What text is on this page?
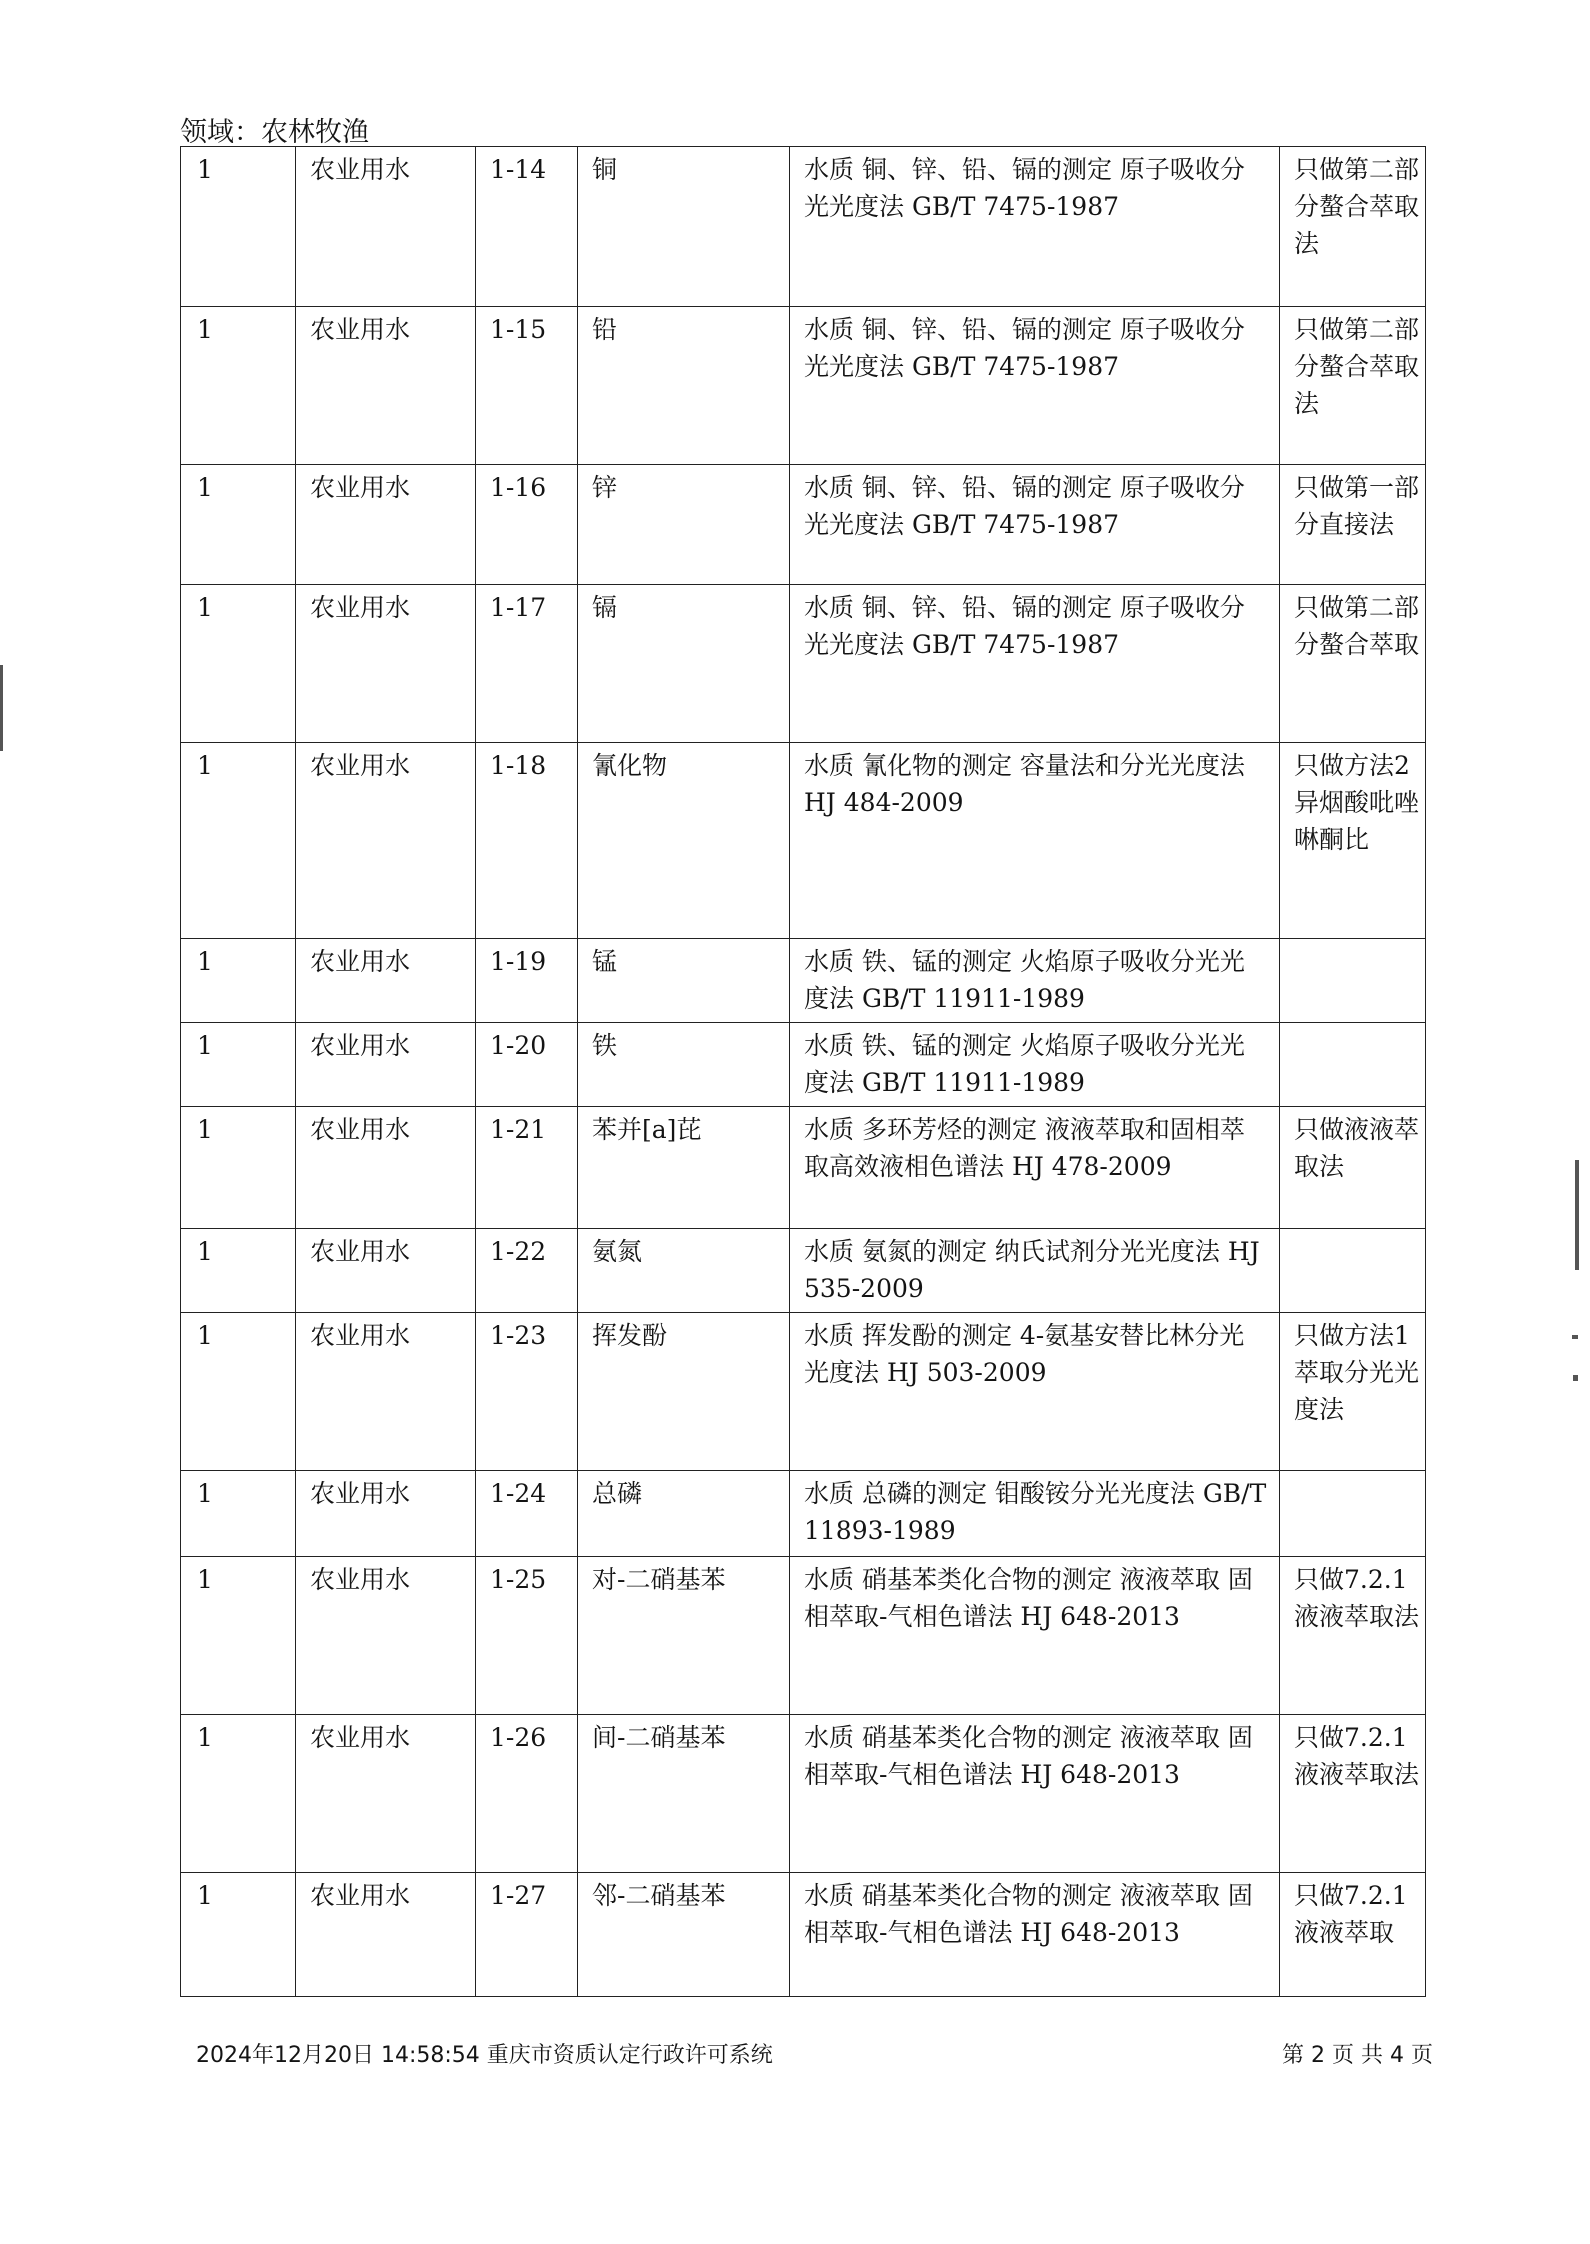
领域：农林牧渔
1	农业用水	1-14	铜	水质 铜、锌、铅、镉的测定 原子吸收分光光度法 GB/T 7475-1987	只做第二部分螯合萃取法
1	农业用水	1-15	铅	水质 铜、锌、铅、镉的测定 原子吸收分光光度法 GB/T 7475-1987	只做第二部分螯合萃取法
1	农业用水	1-16	锌	水质 铜、锌、铅、镉的测定 原子吸收分光光度法 GB/T 7475-1987	只做第一部分直接法
1	农业用水	1-17	镉	水质 铜、锌、铅、镉的测定 原子吸收分光光度法 GB/T 7475-1987	只做第二部分螯合萃取
1	农业用水	1-18	氰化物	水质 氰化物的测定 容量法和分光光度法 HJ 484-2009	只做方法2 异烟酸吡唑啉酮比
1	农业用水	1-19	锰	水质 铁、锰的测定 火焰原子吸收分光光度法 GB/T 11911-1989	
1	农业用水	1-20	铁	水质 铁、锰的测定 火焰原子吸收分光光度法 GB/T 11911-1989	
1	农业用水	1-21	苯并[a]芘	水质 多环芳烃的测定 液液萃取和固相萃取高效液相色谱法 HJ 478-2009	只做液液萃取法
1	农业用水	1-22	氨氮	水质 氨氮的测定 纳氏试剂分光光度法 HJ 535-2009	
1	农业用水	1-23	挥发酚	水质 挥发酚的测定 4-氨基安替比林分光光度法 HJ 503-2009	只做方法1萃取分光光度法
1	农业用水	1-24	总磷	水质 总磷的测定 钼酸铵分光光度法 GB/T 11893-1989	
1	农业用水	1-25	对-二硝基苯	水质 硝基苯类化合物的测定 液液萃取 固相萃取-气相色谱法 HJ 648-2013	只做7.2.1液液萃取法
1	农业用水	1-26	间-二硝基苯	水质 硝基苯类化合物的测定 液液萃取 固相萃取-气相色谱法 HJ 648-2013	只做7.2.1液液萃取法
1	农业用水	1-27	邻-二硝基苯	水质 硝基苯类化合物的测定 液液萃取 固相萃取-气相色谱法 HJ 648-2013	只做7.2.1液液萃取
2024年12月20日 14:58:54 重庆市资质认定行政许可系统	第 2 页 共 4 页
